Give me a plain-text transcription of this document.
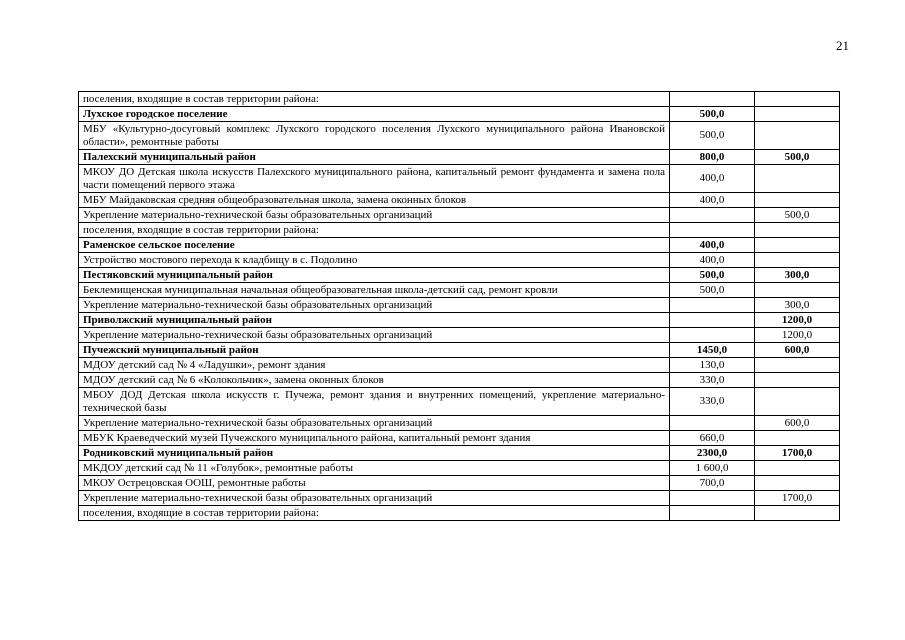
21
поселения, входящие в состав территории района:		
Лухское городское поселение	500,0	
МБУ «Культурно-досуговый комплекс Лухского городского поселения Лухского муниципального района Ивановской области», ремонтные работы	500,0	
Палехский муниципальный район	800,0	500,0
МКОУ ДО Детская школа искусств Палехского муниципального района, капитальный ремонт фундамента и замена пола части помещений первого этажа	400,0	
МБУ Майдаковская средняя общеобразовательная школа, замена оконных блоков	400,0	
Укрепление материально-технической базы образовательных организаций		500,0
поселения, входящие в состав территории района:		
Раменское сельское поселение	400,0	
Устройство мостового перехода к кладбищу в с. Подолино	400,0	
Пестяковский муниципальный район	500,0	300,0
Беклемищенская муниципальная начальная общеобразовательная школа-детский сад, ремонт кровли	500,0	
Укрепление материально-технической базы образовательных организаций		300,0
Приволжский муниципальный район		1200,0
Укрепление материально-технической базы образовательных организаций		1200,0
Пучежский муниципальный район	1450,0	600,0
МДОУ детский сад № 4 «Ладушки», ремонт здания	130,0	
МДОУ детский сад № 6 «Колокольчик», замена оконных блоков	330,0	
МБОУ ДОД Детская школа искусств г. Пучежа, ремонт здания и внутренних помещений, укрепление материально-технической базы	330,0	
Укрепление материально-технической базы образовательных организаций		600,0
МБУК Краеведческий музей Пучежского муниципального района, капитальный ремонт здания	660,0	
Родниковский муниципальный район	2300,0	1700,0
МКДОУ детский сад № 11 «Голубок», ремонтные работы	1 600,0	
МКОУ Острецовская ООШ, ремонтные работы	700,0	
Укрепление материально-технической базы образовательных организаций		1700,0
поселения, входящие в состав территории района:		
